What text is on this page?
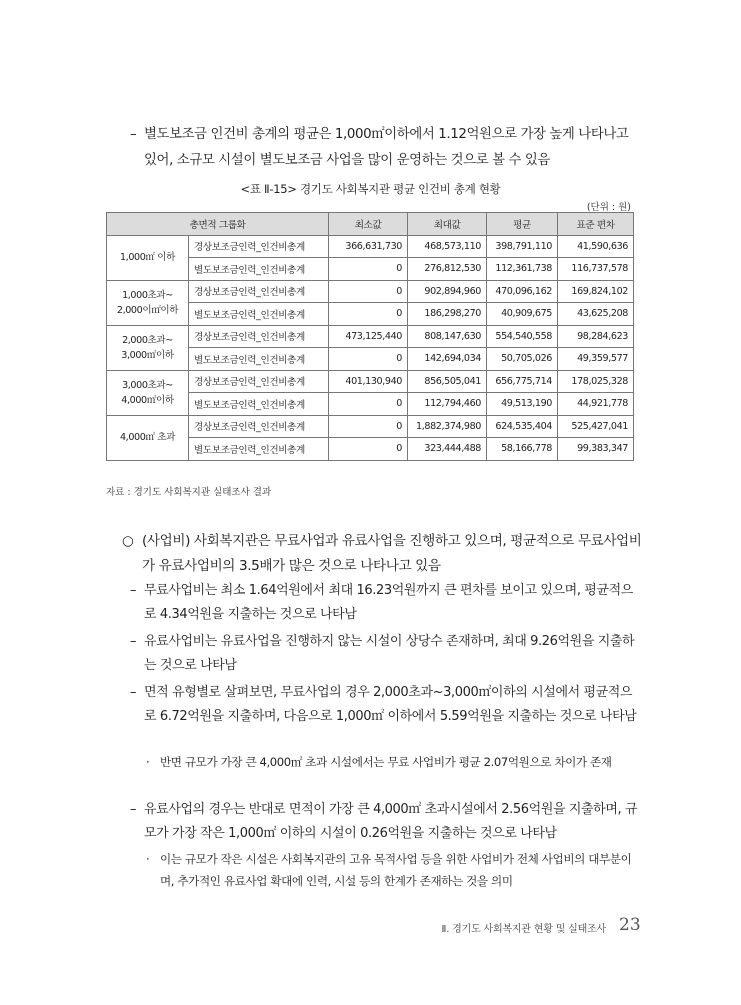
– 별도보조금 인건비 총계의 평균은 1,000㎡이하에서 1.12억원으로 가장 높게 나타나고 있어, 소규모 시설이 별도보조금 사업을 많이 운영하는 것으로 볼 수 있음
<표 Ⅱ-15> 경기도 사회복지관 평균 인건비 총계 현황
(단위 : 원)
총면적 그룹화		최소값	최대값	평균	표준 편차
1,000㎡ 이하	경상보조금인력_인건비총계	366,631,730	468,573,110	398,791,110	41,590,636
	별도보조금인력_인건비총계	0	276,812,530	112,361,738	116,737,578
1,000초과~ 2,000이㎡이하	경상보조금인력_인건비총계	0	902,894,960	470,096,162	169,824,102
	별도보조금인력_인건비총계	0	186,298,270	40,909,675	43,625,208
2,000초과~ 3,000㎡이하	경상보조금인력_인건비총계	473,125,440	808,147,630	554,540,558	98,284,623
	별도보조금인력_인건비총계	0	142,694,034	50,705,026	49,359,577
3,000초과~ 4,000㎡이하	경상보조금인력_인건비총계	401,130,940	856,505,041	656,775,714	178,025,328
	별도보조금인력_인건비총계	0	112,794,460	49,513,190	44,921,778
4,000㎡ 초과	경상보조금인력_인건비총계	0	1,882,374,980	624,535,404	525,427,041
	별도보조금인력_인건비총계	0	323,444,488	58,166,778	99,383,347
자료 : 경기도 사회복지관 실태조사 결과
○ (사업비) 사회복지관은 무료사업과 유료사업을 진행하고 있으며, 평균적으로 무료사업비가 유료사업비의 3.5배가 많은 것으로 나타나고 있음
– 무료사업비는 최소 1.64억원에서 최대 16.23억원까지 큰 편차를 보이고 있으며, 평균적으로 4.34억원을 지출하는 것으로 나타남
– 유료사업비는 유료사업을 진행하지 않는 시설이 상당수 존재하며, 최대 9.26억원을 지출하는 것으로 나타남
– 면적 유형별로 살펴보면, 무료사업의 경우 2,000초과~3,000㎡이하의 시설에서 평균적으로 6.72억원을 지출하며, 다음으로 1,000㎡ 이하에서 5.59억원을 지출하는 것으로 나타남
· 반면 규모가 가장 큰 4,000㎡ 초과 시설에서는 무료 사업비가 평균 2.07억원으로 차이가 존재
– 유료사업의 경우는 반대로 면적이 가장 큰 4,000㎡ 초과시설에서 2.56억원을 지출하며, 규모가 가장 작은 1,000㎡ 이하의 시설이 0.26억원을 지출하는 것으로 나타남
· 이는 규모가 작은 시설은 사회복지관의 고유 목적사업 등을 위한 사업비가 전체 사업비의 대부분이며, 추가적인 유료사업 확대에 인력, 시설 등의 한계가 존재하는 것을 의미
Ⅱ. 경기도 사회복지관 현황 및 실태조사 23
